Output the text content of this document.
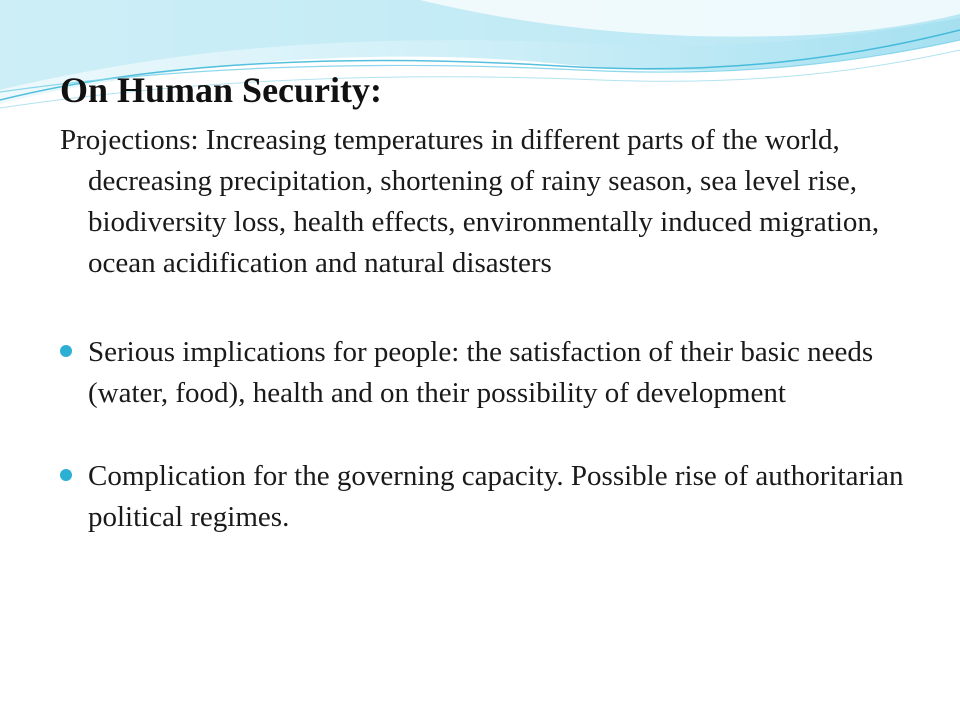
On Human Security:

Projections: Increasing temperatures in different parts of the world, decreasing precipitation, shortening of rainy season, sea level rise, biodiversity loss, health effects, environmentally induced migration, ocean acidification and natural disasters

Serious implications for people: the satisfaction of their basic needs (water, food), health and on their possibility of development
Complication for the governing capacity. Possible rise of authoritarian political regimes.
